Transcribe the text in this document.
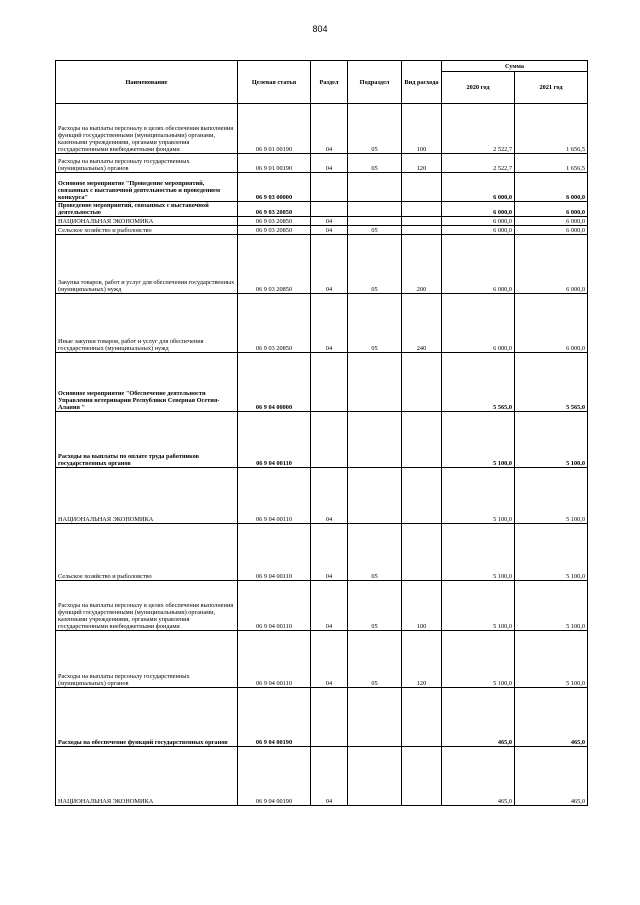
804
Наименование	Целевая статья	Раздел	Подраздел	Вид расхода	Сумма	
					2020 год	2021 год
Расходы на выплаты персоналу в целях обеспечения выполнения функций государственными (муниципальными) органами, казенными учреждениями, органами управления государственными внебюджетными фондами	06 9 01 00190	04	05	100	2 522,7	1 656,5
Расходы на выплаты персоналу государственных (муниципальных) органов	06 9 01 00190	04	05	120	2 522,7	1 656,5
Основное мероприятие "Проведение мероприятий, связанных с выставочной деятельностью и проведением конкурса"	06 9 03 00000				6 000,0	6 000,0
Проведение мероприятий, связанных с выставочной деятельностью	06 9 03 20850				6 000,0	6 000,0
НАЦИОНАЛЬНАЯ ЭКОНОМИКА	06 9 03 20850	04			6 000,0	6 000,0
Сельское хозяйство и рыболовство	06 9 03 20850	04	05		6 000,0	6 000,0
Закупка товаров, работ и услуг для обеспечения государственных (муниципальных) нужд	06 9 03 20850	04	05	200	6 000,0	6 000,0
Иные закупки товаров, работ и услуг для обеспечения государственных (муниципальных) нужд	06 9 03 20850	04	05	240	6 000,0	6 000,0
Основное мероприятие "Обеспечение деятельности Управления ветеринарии Республики Северная Осетия-Алания "	06 9 04 00000				5 565,0	5 565,0
Расходы на выплаты по оплате труда работников государственных органов	06 9 04 00110				5 100,0	5 100,0
НАЦИОНАЛЬНАЯ ЭКОНОМИКА	06 9 04 00110	04			5 100,0	5 100,0
Сельское хозяйство и рыболовство	06 9 04 00110	04	05		5 100,0	5 100,0
Расходы на выплаты персоналу в целях обеспечения выполнения функций государственными (муниципальными) органами, казенными учреждениями, органами управления государственными внебюджетными фондами	06 9 04 00110	04	05	100	5 100,0	5 100,0
Расходы на выплаты персоналу государственных (муниципальных) органов	06 9 04 00110	04	05	120	5 100,0	5 100,0
Расходы на обеспечение функций государственных органов	06 9 04 00190				465,0	465,0
НАЦИОНАЛЬНАЯ ЭКОНОМИКА	06 9 04 00190	04			465,0	465,0
